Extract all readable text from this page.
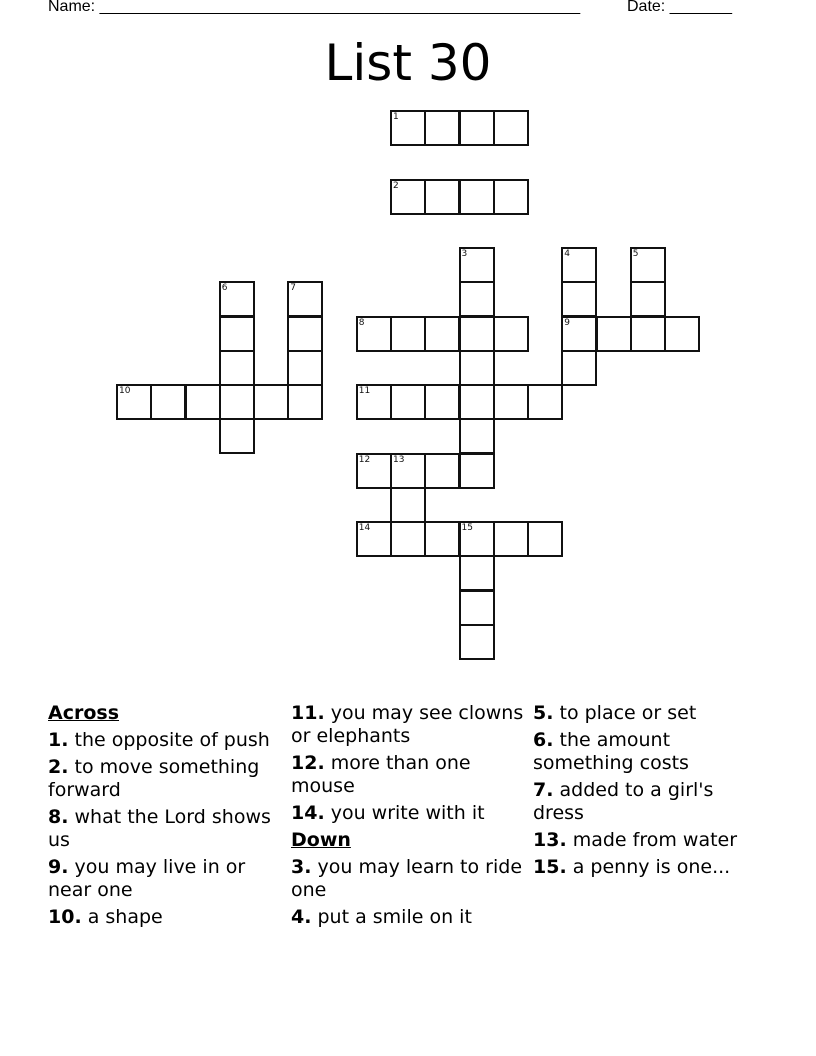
Name: ______________________________________________________	Date: _______
List 30
1
2
3	4
9
5
6	7
8
10	11
12	13
14	15
Across
1. the opposite of push
2. to move something forward
8. what the Lord shows us
9. you may live in or near one
10. a shape
11. you may see clowns or elephants
12. more than one mouse
14. you write with it
Down
3. you may learn to ride one
4. put a smile on it
5. to place or set
6. the amount something costs
7. added to a girl's dress
13. made from water
15. a penny is one...
